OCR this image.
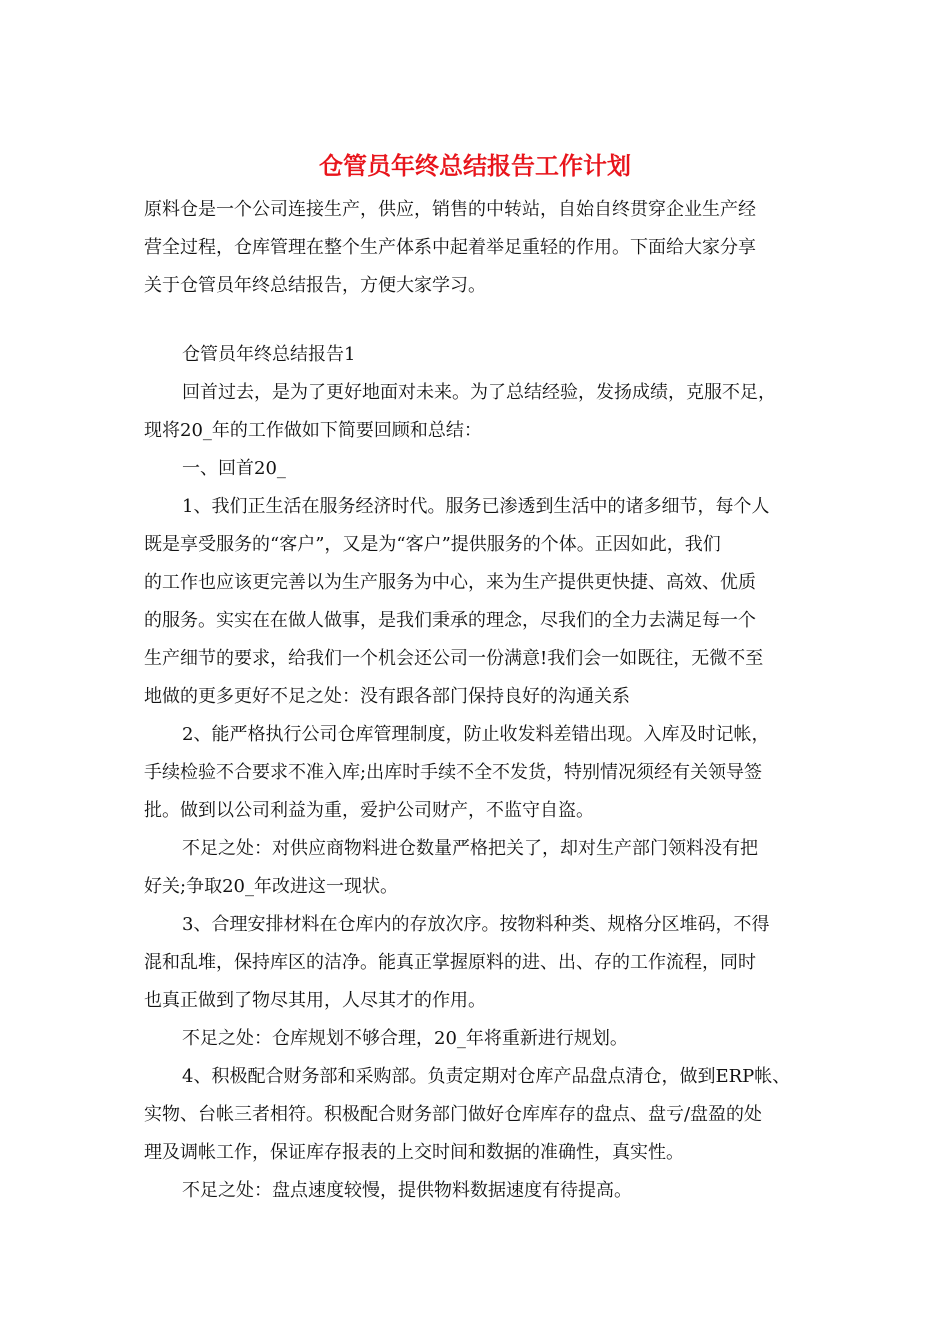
仓管员年终总结报告工作计划

原料仓是一个公司连接生产，供应，销售的中转站，自始自终贯穿企业生产经

营全过程，仓库管理在整个生产体系中起着举足重轻的作用。下面给大家分享

关于仓管员年终总结报告，方便大家学习。

仓管员年终总结报告1

回首过去，是为了更好地面对未来。为了总结经验，发扬成绩，克服不足，

现将20_年的工作做如下简要回顾和总结：

一、回首20_

1、我们正生活在服务经济时代。服务已渗透到生活中的诸多细节，每个人

既是享受服务的“客户”，又是为“客户”提供服务的个体。正因如此，我们

的工作也应该更完善以为生产服务为中心，来为生产提供更快捷、高效、优质

的服务。实实在在做人做事，是我们秉承的理念，尽我们的全力去满足每一个

生产细节的要求，给我们一个机会还公司一份满意!我们会一如既往，无微不至

地做的更多更好不足之处：没有跟各部门保持良好的沟通关系

2、能严格执行公司仓库管理制度，防止收发料差错出现。入库及时记帐，

手续检验不合要求不准入库;出库时手续不全不发货，特别情况须经有关领导签

批。做到以公司利益为重，爱护公司财产，不监守自盗。

不足之处：对供应商物料进仓数量严格把关了，却对生产部门领料没有把

好关;争取20_年改进这一现状。

3、合理安排材料在仓库内的存放次序。按物料种类、规格分区堆码，不得

混和乱堆，保持库区的洁净。能真正掌握原料的进、出、存的工作流程，同时

也真正做到了物尽其用，人尽其才的作用。

不足之处：仓库规划不够合理，20_年将重新进行规划。

4、积极配合财务部和采购部。负责定期对仓库产品盘点清仓，做到ERP帐、

实物、台帐三者相符。积极配合财务部门做好仓库库存的盘点、盘亏/盘盈的处

理及调帐工作，保证库存报表的上交时间和数据的准确性，真实性。

不足之处：盘点速度较慢，提供物料数据速度有待提高。
